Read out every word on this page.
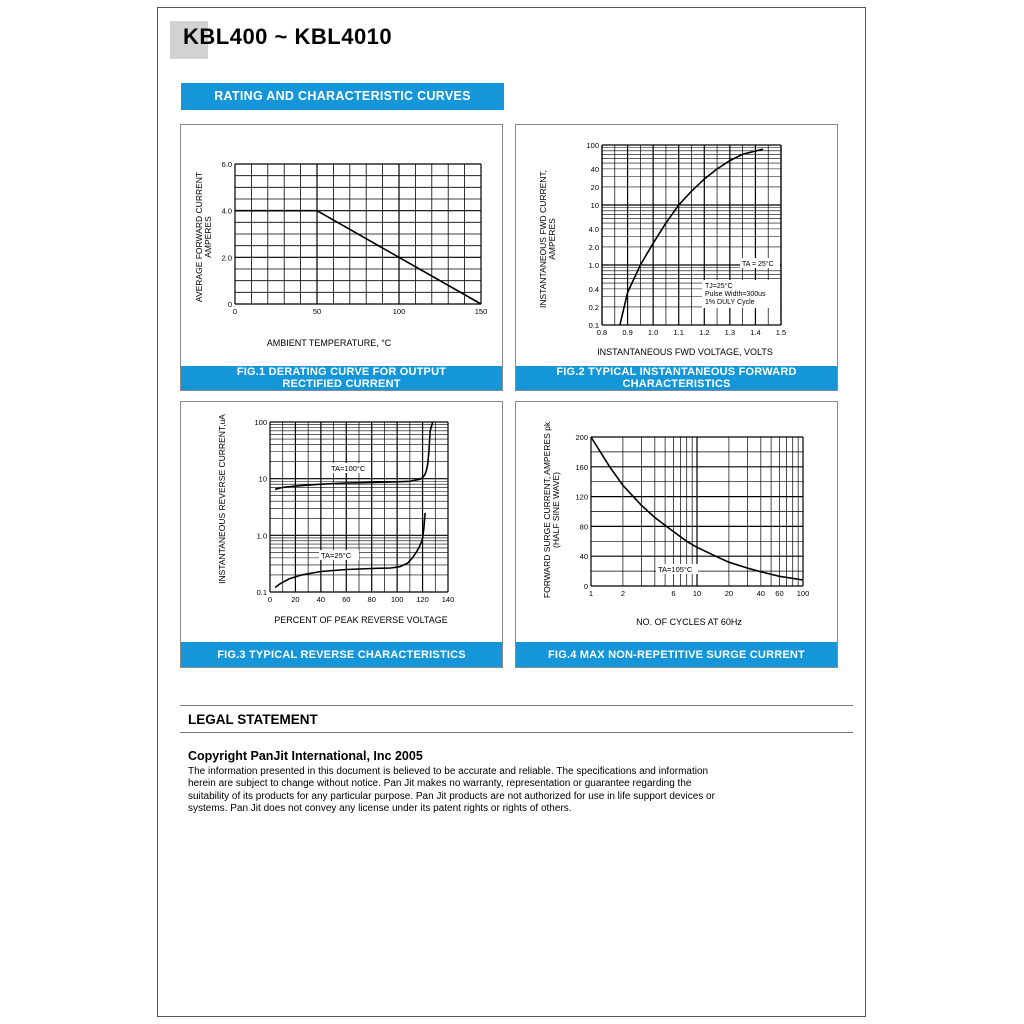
KBL400 ~ KBL4010
RATING AND CHARACTERISTIC CURVES
0	50	100	150
0
2.0
4.0
6.0
AMBIENT TEMPERATURE, °C
AVERAGE FORWARD CURRENT AMPERES
FIG.1 DERATING CURVE FOR OUTPUT
RECTIFIED CURRENT
0.8 0.9 1.0 1.1 1.2 1.3 1.4 1.5
100
40
20
10
4.0
2.0
1.0
0.4
0.2
0.1
TA = 25°C
TJ=25°C
Pulse Width=300us
1% DULY Cycle
INSTANTANEOUS FWD VOLTAGE, VOLTS
INSTANTANEOUS FWD CURRENT, AMPERES
FIG.2 TYPICAL INSTANTANEOUS FORWARD
CHARACTERISTICS
0	20 40 60 80 100 120 140
100
10
1.0
0.1
TA=100°C
TA=25°C
PERCENT OF PEAK REVERSE VOLTAGE
INSTANTANEOUS REVERSE CURRENT,uA
FIG.3 TYPICAL REVERSE CHARACTERISTICS
1	2	6 10	20	40 60 100
0
40
80
120
160
200
TA=105°C
NO. OF CYCLES AT 60Hz
FORWARD SURGE CURRENT, AMPERES pk (HALF SINE WAVE)
FIG.4 MAX NON-REPETITIVE SURGE CURRENT
LEGAL STATEMENT
Copyright PanJit International, Inc 2005
The information presented in this document is believed to be accurate and reliable. The specifications and information
herein are subject to change without notice. Pan Jit makes no warranty, representation or guarantee regarding the
suitability of its products for any particular purpose. Pan Jit products are not authorized for use in life support devices or
systems. Pan Jit does not convey any license under its patent rights or rights of others.
